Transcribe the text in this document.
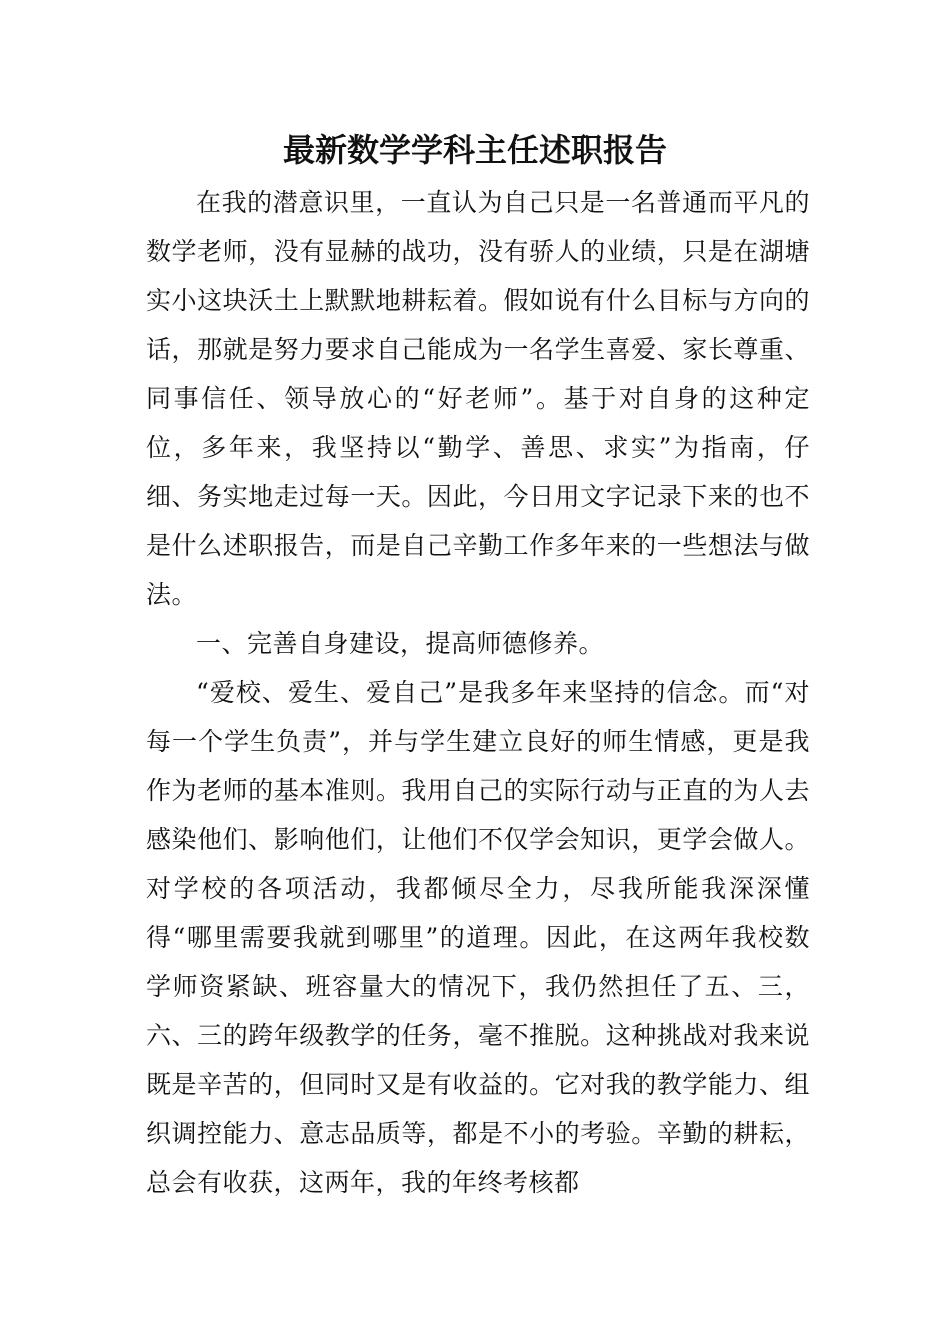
最新数学学科主任述职报告

在我的潜意识里，一直认为自己只是一名普通而平凡的数学老师，没有显赫的战功，没有骄人的业绩，只是在湖塘实小这块沃土上默默地耕耘着。假如说有什么目标与方向的话，那就是努力要求自己能成为一名学生喜爱、家长尊重、同事信任、领导放心的“好老师”。基于对自身的这种定位，多年来，我坚持以“勤学、善思、求实”为指南，仔细、务实地走过每一天。因此，今日用文字记录下来的也不是什么述职报告，而是自己辛勤工作多年来的一些想法与做法。

一、完善自身建设，提高师德修养。

“爱校、爱生、爱自己”是我多年来坚持的信念。而“对每一个学生负责”，并与学生建立良好的师生情感，更是我作为老师的基本准则。我用自己的实际行动与正直的为人去感染他们、影响他们，让他们不仅学会知识，更学会做人。对学校的各项活动，我都倾尽全力，尽我所能我深深懂得“哪里需要我就到哪里”的道理。因此，在这两年我校数学师资紧缺、班容量大的情况下，我仍然担任了五、三，六、三的跨年级教学的任务，毫不推脱。这种挑战对我来说既是辛苦的，但同时又是有收益的。它对我的教学能力、组织调控能力、意志品质等，都是不小的考验。辛勤的耕耘，总会有收获，这两年，我的年终考核都
